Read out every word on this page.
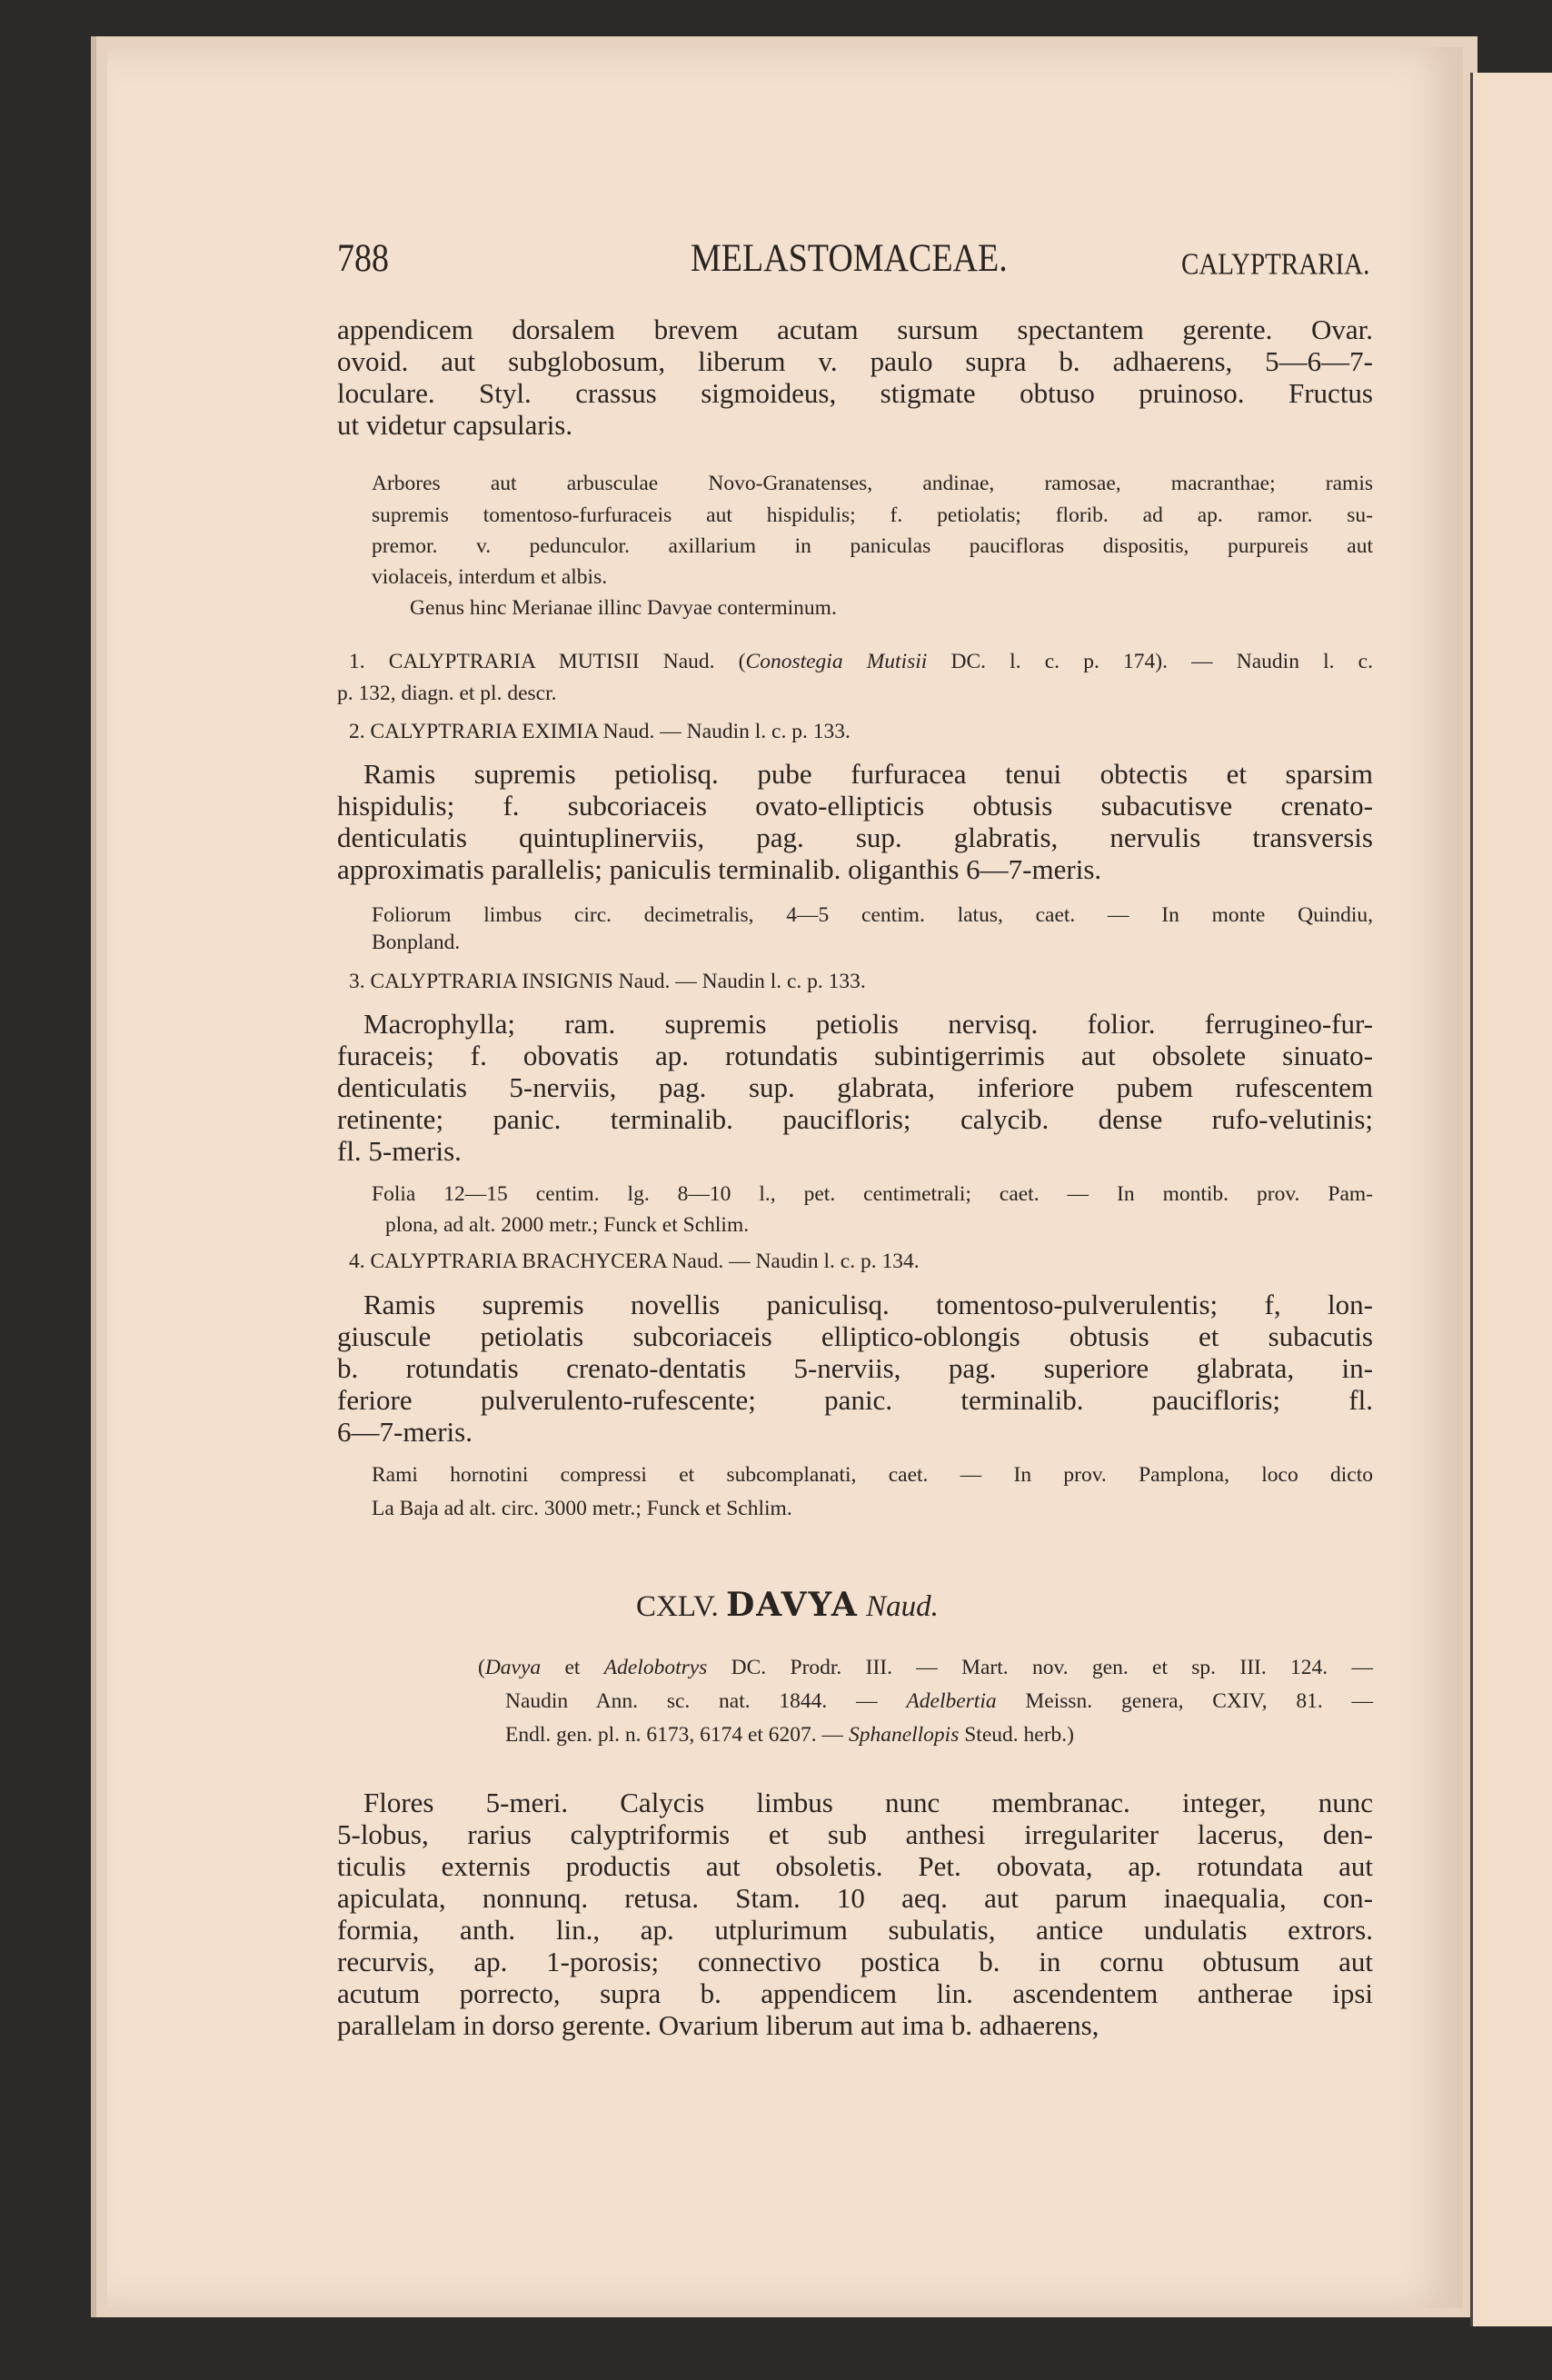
788	MELASTOMACEAE.	CALYPTRARIA.
appendicem dorsalem brevem acutam sursum spectantem gerente. Ovar.
ovoid. aut subglobosum, liberum v. paulo supra b. adhaerens, 5—6—7-
loculare. Styl. crassus sigmoideus, stigmate obtuso pruinoso. Fructus
ut videtur capsularis.
Arbores aut arbusculae Novo-Granatenses, andinae, ramosae, macranthae; ramis
supremis tomentoso-furfuraceis aut hispidulis; f. petiolatis; florib. ad ap. ramor. su-
premor. v. pedunculor. axillarium in paniculas paucifloras dispositis, purpureis aut
violaceis, interdum et albis.
Genus hinc Merianae illinc Davyae conterminum.
1. CALYPTRARIA MUTISII Naud. (Conostegia Mutisii DC. l. c. p. 174). — Naudin l. c.
p. 132, diagn. et pl. descr.
2. CALYPTRARIA EXIMIA Naud. — Naudin l. c. p. 133.
Ramis supremis petiolisq. pube furfuracea tenui obtectis et sparsim
hispidulis; f. subcoriaceis ovato-ellipticis obtusis subacutisve crenato-
denticulatis quintuplinerviis, pag. sup. glabratis, nervulis transversis
approximatis parallelis; paniculis terminalib. oliganthis 6—7-meris.
Foliorum limbus circ. decimetralis, 4—5 centim. latus, caet. — In monte Quindiu,
Bonpland.
3. CALYPTRARIA INSIGNIS Naud. — Naudin l. c. p. 133.
Macrophylla; ram. supremis petiolis nervisq. folior. ferrugineo-fur-
furaceis; f. obovatis ap. rotundatis subintigerrimis aut obsolete sinuato-
denticulatis 5-nerviis, pag. sup. glabrata, inferiore pubem rufescentem
retinente; panic. terminalib. paucifloris; calycib. dense rufo-velutinis;
fl. 5-meris.
Folia 12—15 centim. lg. 8—10 l., pet. centimetrali; caet. — In montib. prov. Pam-
plona, ad alt. 2000 metr.; Funck et Schlim.
4. CALYPTRARIA BRACHYCERA Naud. — Naudin l. c. p. 134.
Ramis supremis novellis paniculisq. tomentoso-pulverulentis; f, lon-
giuscule petiolatis subcoriaceis elliptico-oblongis obtusis et subacutis
b. rotundatis crenato-dentatis 5-nerviis, pag. superiore glabrata, in-
feriore pulverulento-rufescente; panic. terminalib. paucifloris; fl.
6—7-meris.
Rami hornotini compressi et subcomplanati, caet. — In prov. Pamplona, loco dicto
La Baja ad alt. circ. 3000 metr.; Funck et Schlim.
CXLV. DAVYA Naud.
(Davya et Adelobotrys DC. Prodr. III. — Mart. nov. gen. et sp. III. 124. —
Naudin Ann. sc. nat. 1844. — Adelbertia Meissn. genera, CXIV, 81. —
Endl. gen. pl. n. 6173, 6174 et 6207. — Sphanellopis Steud. herb.)
Flores 5-meri. Calycis limbus nunc membranac. integer, nunc
5-lobus, rarius calyptriformis et sub anthesi irregulariter lacerus, den-
ticulis externis productis aut obsoletis. Pet. obovata, ap. rotundata aut
apiculata, nonnunq. retusa. Stam. 10 aeq. aut parum inaequalia, con-
formia, anth. lin., ap. utplurimum subulatis, antice undulatis extrors.
recurvis, ap. 1-porosis; connectivo postica b. in cornu obtusum aut
acutum porrecto, supra b. appendicem lin. ascendentem antherae ipsi
parallelam in dorso gerente. Ovarium liberum aut ima b. adhaerens,
